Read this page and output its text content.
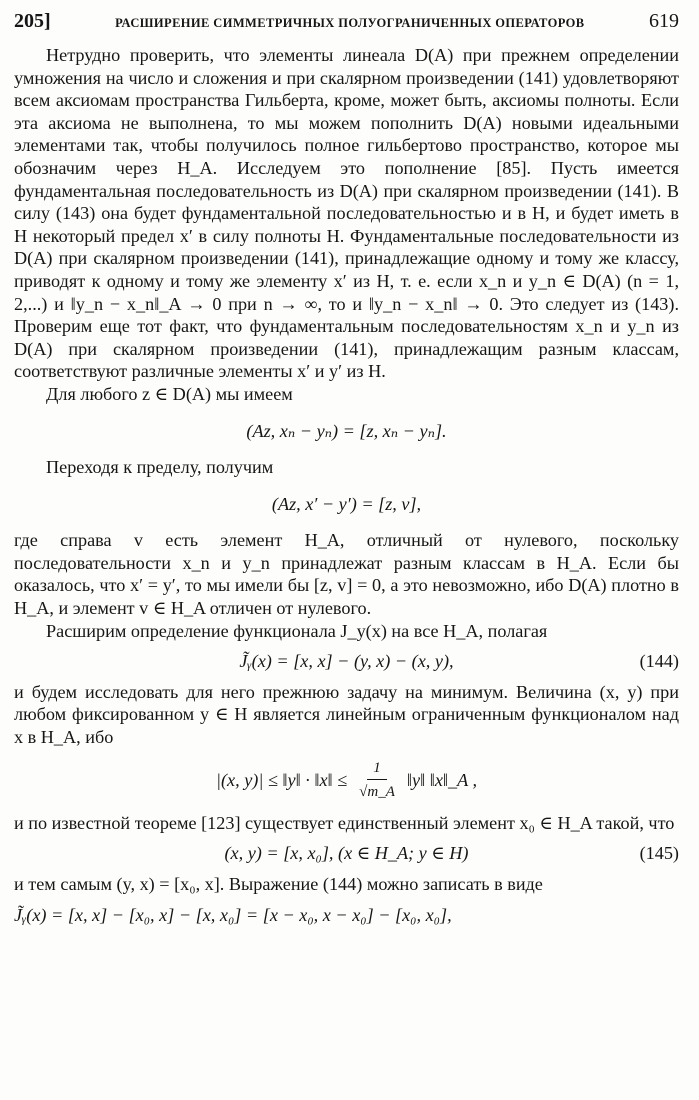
205]	РАСШИРЕНИЕ СИММЕТРИЧНЫХ ПОЛУОГРАНИЧЕННЫХ ОПЕРАТОРОВ	619

Нетрудно проверить, что элементы линеала D(A) при прежнем определении умножения на число и сложения и при скалярном произведении (141) удовлетворяют всем аксиомам пространства Гильберта, кроме, может быть, аксиомы полноты. Если эта аксиома не выполнена, то мы можем пополнить D(A) новыми идеальными элементами так, чтобы получилось полное гильбертово пространство, которое мы обозначим через H_A. Исследуем это пополнение [85]. Пусть имеется фундаментальная последовательность из D(A) при скалярном произведении (141). В силу (143) она будет фундаментальной последовательностью и в H, и будет иметь в H некоторый предел x′ в силу полноты H. Фундаментальные последовательности из D(A) при скалярном произведении (141), принадлежащие одному и тому же классу, приводят к одному и тому же элементу x′ из H, т. е. если x_n и y_n ∈ D(A) (n = 1, 2,...) и ‖y_n − x_n‖_A → 0 при n → ∞, то и ‖y_n − x_n‖ → 0. Это следует из (143). Проверим еще тот факт, что фундаментальным последовательностям x_n и y_n из D(A) при скалярном произведении (141), принадлежащим разным классам, соответствуют различные элементы x′ и y′ из H.

Для любого z ∈ D(A) мы имеем

(Az, xₙ − yₙ) = [z, xₙ − yₙ].

Переходя к пределу, получим

(Az, x′ − y′) = [z, v],

где справа v есть элемент H_A, отличный от нулевого, поскольку последовательности x_n и y_n принадлежат разным классам в H_A. Если бы оказалось, что x′ = y′, то мы имели бы [z, v] = 0, а это невозможно, ибо D(A) плотно в H_A, и элемент v ∈ H_A отличен от нулевого.

Расширим определение функционала J_y(x) на все H_A, полагая

J̃ᵧ(x) = [x, x] − (y, x) − (x, y),	(144)

и будем исследовать для него прежнюю задачу на минимум. Величина (x, y) при любом фиксированном y ∈ H является линейным ограниченным функционалом над x в H_A, ибо

|(x, y)| ≤ ‖y‖ · ‖x‖ ≤ $\frac{1}{√m\_A}$ ‖y‖ ‖x‖_A ,

и по известной теореме [123] существует единственный элемент x₀ ∈ H_A такой, что

(x, y) = [x, x₀], (x ∈ H_A; y ∈ H)	(145)

и тем самым (y, x) = [x₀, x]. Выражение (144) можно записать в виде

J̃ᵧ(x) = [x, x] − [x₀, x] − [x, x₀] = [x − x₀, x − x₀] − [x₀, x₀],
